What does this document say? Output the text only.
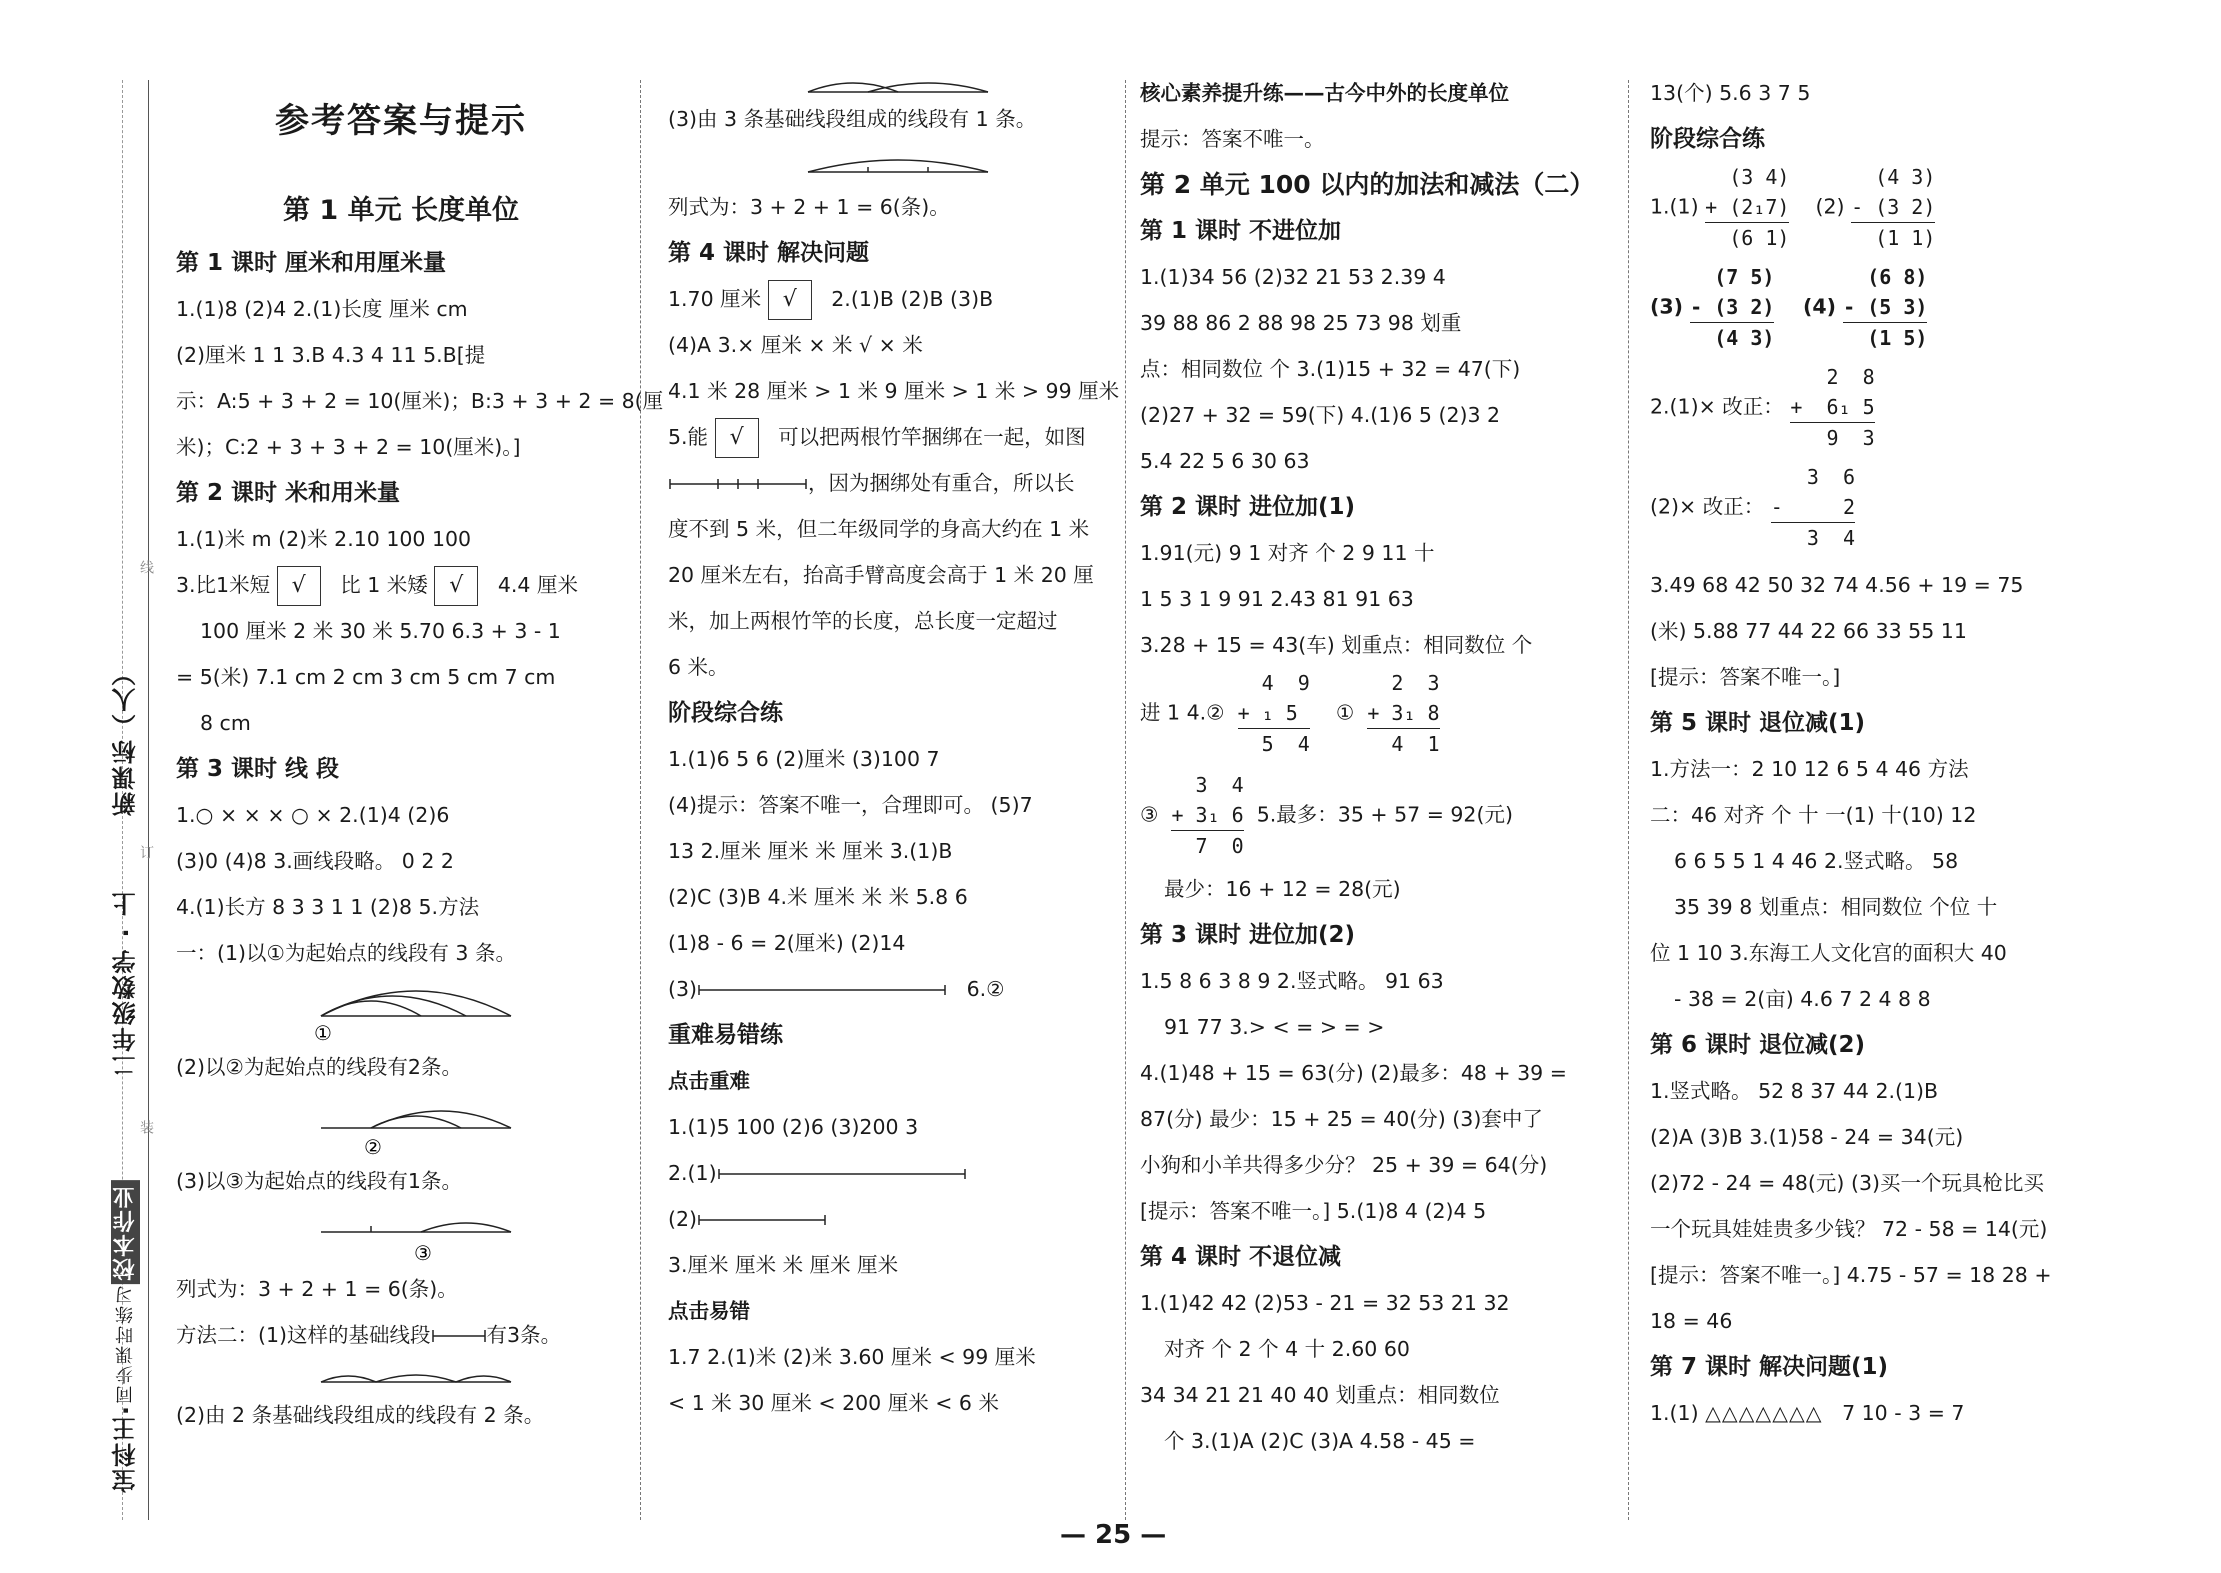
宝科王·同步课时练习校本作业
二年级数学 · 上
新课标（人）
线
订
装

参考答案与提示

第 1 单元 长度单位

第 1 课时 厘米和用厘米量

1.(1)8 (2)4 2.(1)长度 厘米 cm

(2)厘米 1 1 3.B 4.3 4 11 5.B[提

示：A:5 + 3 + 2 = 10(厘米)；B:3 + 3 + 2 = 8(厘

米)；C:2 + 3 + 3 + 2 = 10(厘米)。]

第 2 课时 米和用米量

1.(1)米 m (2)米 2.10 100 100

3.比1米短 √ 比 1 米矮 √ 4.4 厘米

100 厘米 2 米 30 米 5.70 6.3 + 3 - 1

= 5(米) 7.1 cm 2 cm 3 cm 5 cm 7 cm

8 cm

第 3 课时 线 段

1.○ × × × ○ × 2.(1)4 (2)6

(3)0 (4)8 3.画线段略。 0 2 2

4.(1)长方 8 3 3 1 1 (2)8 5.方法

一：(1)以①为起始点的线段有 3 条。

①

(2)以②为起始点的线段有2条。

②

(3)以③为起始点的线段有1条。

③

列式为：3 + 2 + 1 = 6(条)。

方法二：(1)这样的基础线段	有3条。

(2)由 2 条基础线段组成的线段有 2 条。

(3)由 3 条基础线段组成的线段有 1 条。

列式为：3 + 2 + 1 = 6(条)。

第 4 课时 解决问题

1.70 厘米 √ 2.(1)B (2)B (3)B

(4)A 3.× 厘米 × 米 √ × 米

4.1 米 28 厘米 > 1 米 9 厘米 > 1 米 > 99 厘米

5.能 √ 可以把两根竹竿捆绑在一起，如图

，因为捆绑处有重合，所以长

度不到 5 米，但二年级同学的身高大约在 1 米

20 厘米左右，抬高手臂高度会高于 1 米 20 厘

米，加上两根竹竿的长度，总长度一定超过

6 米。

阶段综合练

1.(1)6 5 6 (2)厘米 (3)100 7

(4)提示：答案不唯一，合理即可。 (5)7

13 2.厘米 厘米 米 厘米 3.(1)B

(2)C (3)B 4.米 厘米 米 米 5.8 6

(1)8 - 6 = 2(厘米) (2)14

(3)	6.②

重难易错练

点击重难

1.(1)5 100 (2)6 (3)200 3

2.(1)

(2)

3.厘米 厘米 米 厘米 厘米

点击易错

1.7 2.(1)米 (2)米 3.60 厘米 < 99 厘米

< 1 米 30 厘米 < 200 厘米 < 6 米

核心素养提升练——古今中外的长度单位

提示：答案不唯一。

第 2 单元 100 以内的加法和减法（二）

第 1 课时 不进位加

1.(1)34 56 (2)32 21 53 2.39 4

39 88 86 2 88 98 25 73 98 划重

点：相同数位 个 3.(1)15 + 32 = 47(下)

(2)27 + 32 = 59(下) 4.(1)6 5 (2)3 2

5.4 22 5 6 30 63

第 2 课时 进位加(1)

1.91(元) 9 1 对齐 个 2 9 11 十

1 5 3 1 9 91 2.43 81 91 63

3.28 + 15 = 43(车) 划重点：相同数位 个

进 1 4.②
4  9
+ ₁ 5
5  4
①
2  3
+ 3₁ 8
4  1
③
3  4
+ 3₁ 6
7  0
5.最多：35 + 57 = 92(元)

最少：16 + 12 = 28(元)

第 3 课时 进位加(2)

1.5 8 6 3 8 9 2.竖式略。 91 63

91 77 3.> < = > = >

4.(1)48 + 15 = 63(分) (2)最多：48 + 39 =

87(分) 最少：15 + 25 = 40(分) (3)套中了

小狗和小羊共得多少分？ 25 + 39 = 64(分)

[提示：答案不唯一。] 5.(1)8 4 (2)4 5

第 4 课时 不退位减

1.(1)42 42 (2)53 - 21 = 32 53 21 32

对齐 个 2 个 4 十 2.60 60

34 34 21 21 40 40 划重点：相同数位

个 3.(1)A (2)C (3)A 4.58 - 45 =

13(个) 5.6 3 7 5

阶段综合练

1.(1)
(3 4)
+ (2₁7)
(6 1)
(2)
(4 3)
- (3 2)
(1 1)
(3)
(7 5)
- (3 2)
(4 3)
(4)
(6 8)
- (5 3)
(1 5)
2.(1)× 改正：
2  8
+  6₁ 5
9  3
(2)× 改正：
3  6
-     2
3  4

3.49 68 42 50 32 74 4.56 + 19 = 75

(米) 5.88 77 44 22 66 33 55 11

[提示：答案不唯一。]

第 5 课时 退位减(1)

1.方法一：2 10 12 6 5 4 46 方法

二：46 对齐 个 十 一(1) 十(10) 12

6 6 5 5 1 4 46 2.竖式略。 58

35 39 8 划重点：相同数位 个位 十

位 1 10 3.东海工人文化宫的面积大 40

- 38 = 2(亩) 4.6 7 2 4 8 8

第 6 课时 退位减(2)

1.竖式略。 52 8 37 44 2.(1)B

(2)A (3)B 3.(1)58 - 24 = 34(元)

(2)72 - 24 = 48(元) (3)买一个玩具枪比买

一个玩具娃娃贵多少钱？ 72 - 58 = 14(元)

[提示：答案不唯一。] 4.75 - 57 = 18 28 +

18 = 46

第 7 课时 解决问题(1)

1.(1) △△△△△△△ 7 10 - 3 = 7

— 25 —
